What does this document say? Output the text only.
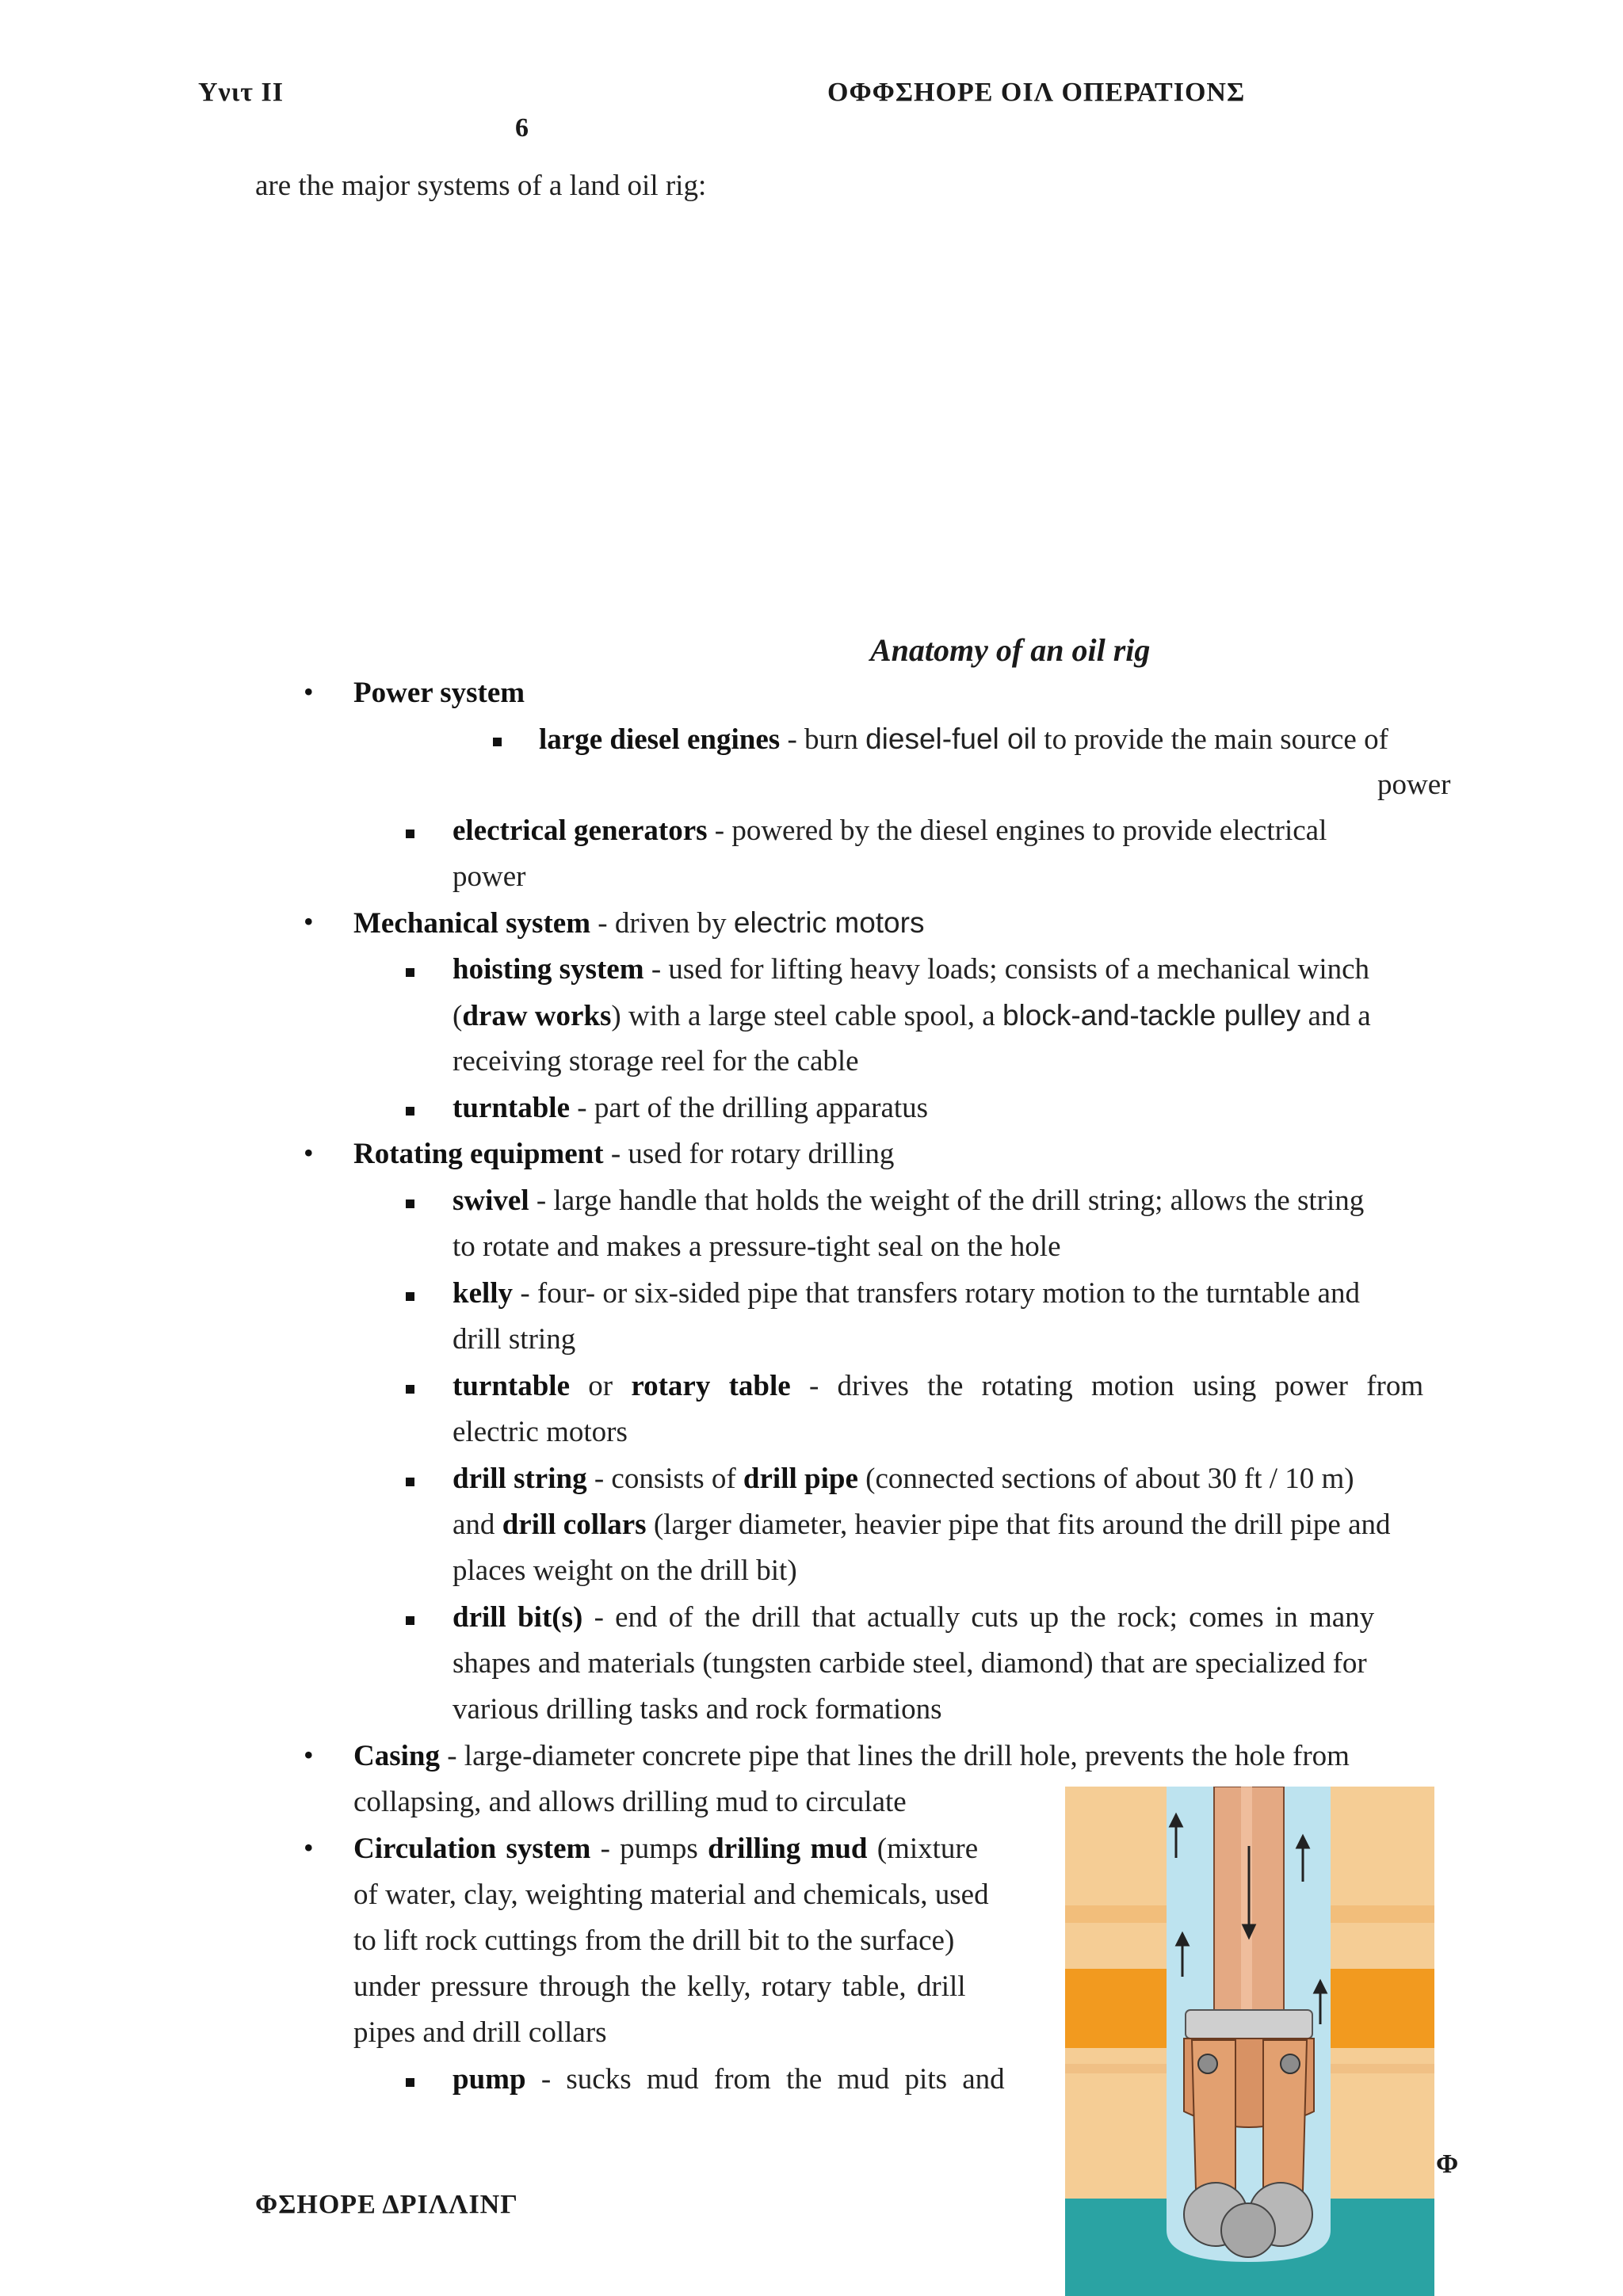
Υνιτ ΙΙ	ΟΦΦΣΗΟΡΕ ΟΙΛ ΟΠΕΡΑΤΙΟΝΣ
6
are the major systems of a land oil rig:
Anatomy of an oil rig
• Power system
large diesel engines - burn diesel-fuel oil to provide the main source of
power
electrical generators - powered by the diesel engines to provide electrical
power
• Mechanical system - driven by electric motors
hoisting system - used for lifting heavy loads; consists of a mechanical winch
(draw works) with a large steel cable spool, a block-and-tackle pulley and a
receiving storage reel for the cable
turntable - part of the drilling apparatus
• Rotating equipment - used for rotary drilling
swivel - large handle that holds the weight of the drill string; allows the string
to rotate and makes a pressure-tight seal on the hole
kelly - four- or six-sided pipe that transfers rotary motion to the turntable and
drill string
turntable or rotary table - drives the rotating motion using power from
electric motors
drill string - consists of drill pipe (connected sections of about 30 ft / 10 m)
and drill collars (larger diameter, heavier pipe that fits around the drill pipe and
places weight on the drill bit)
drill bit(s) - end of the drill that actually cuts up the rock; comes in many
shapes and materials (tungsten carbide steel, diamond) that are specialized for
various drilling tasks and rock formations
• Casing - large-diameter concrete pipe that lines the drill hole, prevents the hole from
collapsing, and allows drilling mud to circulate
• Circulation system - pumps drilling mud (mixture
of water, clay, weighting material and chemicals, used
to lift rock cuttings from the drill bit to the surface)
under pressure through the kelly, rotary table, drill
pipes and drill collars
pump - sucks mud from the mud pits and
ΦΣΗΟΡΕ ΔΡΙΛΛΙΝΓ
Φ
